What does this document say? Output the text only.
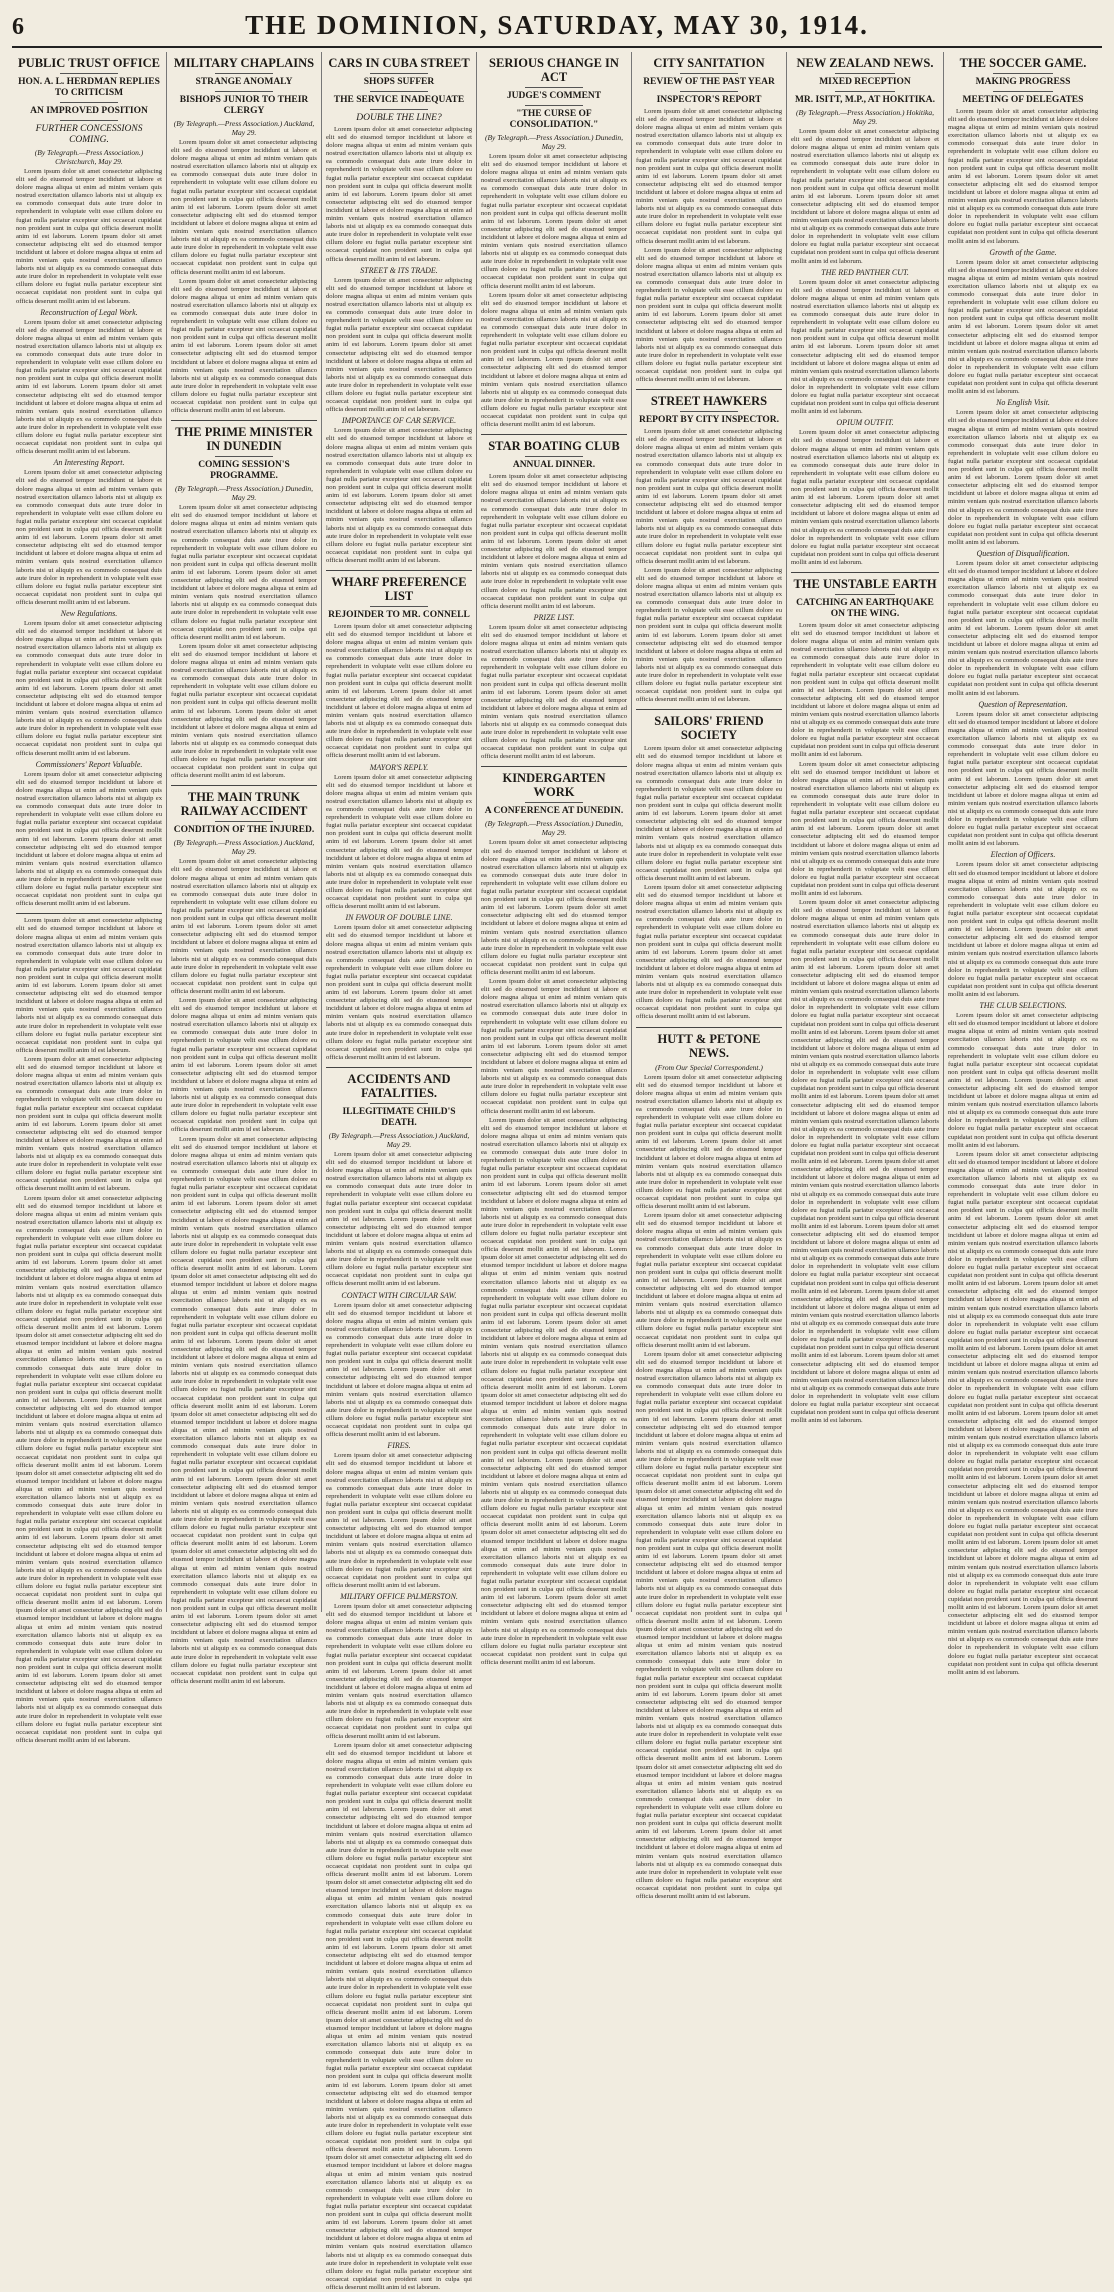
6	THE DOMINION, SATURDAY, MAY 30, 1914.
PUBLIC TRUST OFFICE
HON. A. L. HERDMAN REPLIES TO CRITICISM
AN IMPROVED POSITION
FURTHER CONCESSIONS COMING.
(By Telegraph.—Press Association.) Christchurch, May 29.

Lorem ipsum dolor sit amet consectetur adipiscing elit sed do eiusmod tempor incididunt ut labore et dolore magna aliqua ut enim ad minim veniam quis nostrud exercitation ullamco laboris nisi ut aliquip ex ea commodo consequat duis aute irure dolor in reprehenderit in voluptate velit esse cillum dolore eu fugiat nulla pariatur excepteur sint occaecat cupidatat non proident sunt in culpa qui officia deserunt mollit anim id est laborum. Lorem ipsum dolor sit amet consectetur adipiscing elit sed do eiusmod tempor incididunt ut labore et dolore magna aliqua ut enim ad minim veniam quis nostrud exercitation ullamco laboris nisi ut aliquip ex ea commodo consequat duis aute irure dolor in reprehenderit in voluptate velit esse cillum dolore eu fugiat nulla pariatur excepteur sint occaecat cupidatat non proident sunt in culpa qui officia deserunt mollit anim id est laborum.

Reconstruction of Legal Work.

Lorem ipsum dolor sit amet consectetur adipiscing elit sed do eiusmod tempor incididunt ut labore et dolore magna aliqua ut enim ad minim veniam quis nostrud exercitation ullamco laboris nisi ut aliquip ex ea commodo consequat duis aute irure dolor in reprehenderit in voluptate velit esse cillum dolore eu fugiat nulla pariatur excepteur sint occaecat cupidatat non proident sunt in culpa qui officia deserunt mollit anim id est laborum. Lorem ipsum dolor sit amet consectetur adipiscing elit sed do eiusmod tempor incididunt ut labore et dolore magna aliqua ut enim ad minim veniam quis nostrud exercitation ullamco laboris nisi ut aliquip ex ea commodo consequat duis aute irure dolor in reprehenderit in voluptate velit esse cillum dolore eu fugiat nulla pariatur excepteur sint occaecat cupidatat non proident sunt in culpa qui officia deserunt mollit anim id est laborum.

An Interesting Report.

Lorem ipsum dolor sit amet consectetur adipiscing elit sed do eiusmod tempor incididunt ut labore et dolore magna aliqua ut enim ad minim veniam quis nostrud exercitation ullamco laboris nisi ut aliquip ex ea commodo consequat duis aute irure dolor in reprehenderit in voluptate velit esse cillum dolore eu fugiat nulla pariatur excepteur sint occaecat cupidatat non proident sunt in culpa qui officia deserunt mollit anim id est laborum. Lorem ipsum dolor sit amet consectetur adipiscing elit sed do eiusmod tempor incididunt ut labore et dolore magna aliqua ut enim ad minim veniam quis nostrud exercitation ullamco laboris nisi ut aliquip ex ea commodo consequat duis aute irure dolor in reprehenderit in voluptate velit esse cillum dolore eu fugiat nulla pariatur excepteur sint occaecat cupidatat non proident sunt in culpa qui officia deserunt mollit anim id est laborum.

New Regulations.

Lorem ipsum dolor sit amet consectetur adipiscing elit sed do eiusmod tempor incididunt ut labore et dolore magna aliqua ut enim ad minim veniam quis nostrud exercitation ullamco laboris nisi ut aliquip ex ea commodo consequat duis aute irure dolor in reprehenderit in voluptate velit esse cillum dolore eu fugiat nulla pariatur excepteur sint occaecat cupidatat non proident sunt in culpa qui officia deserunt mollit anim id est laborum. Lorem ipsum dolor sit amet consectetur adipiscing elit sed do eiusmod tempor incididunt ut labore et dolore magna aliqua ut enim ad minim veniam quis nostrud exercitation ullamco laboris nisi ut aliquip ex ea commodo consequat duis aute irure dolor in reprehenderit in voluptate velit esse cillum dolore eu fugiat nulla pariatur excepteur sint occaecat cupidatat non proident sunt in culpa qui officia deserunt mollit anim id est laborum.

Commissioners' Report Valuable.

Lorem ipsum dolor sit amet consectetur adipiscing elit sed do eiusmod tempor incididunt ut labore et dolore magna aliqua ut enim ad minim veniam quis nostrud exercitation ullamco laboris nisi ut aliquip ex ea commodo consequat duis aute irure dolor in reprehenderit in voluptate velit esse cillum dolore eu fugiat nulla pariatur excepteur sint occaecat cupidatat non proident sunt in culpa qui officia deserunt mollit anim id est laborum. Lorem ipsum dolor sit amet consectetur adipiscing elit sed do eiusmod tempor incididunt ut labore et dolore magna aliqua ut enim ad minim veniam quis nostrud exercitation ullamco laboris nisi ut aliquip ex ea commodo consequat duis aute irure dolor in reprehenderit in voluptate velit esse cillum dolore eu fugiat nulla pariatur excepteur sint occaecat cupidatat non proident sunt in culpa qui officia deserunt mollit anim id est laborum.

Lorem ipsum dolor sit amet consectetur adipiscing elit sed do eiusmod tempor incididunt ut labore et dolore magna aliqua ut enim ad minim veniam quis nostrud exercitation ullamco laboris nisi ut aliquip ex ea commodo consequat duis aute irure dolor in reprehenderit in voluptate velit esse cillum dolore eu fugiat nulla pariatur excepteur sint occaecat cupidatat non proident sunt in culpa qui officia deserunt mollit anim id est laborum. Lorem ipsum dolor sit amet consectetur adipiscing elit sed do eiusmod tempor incididunt ut labore et dolore magna aliqua ut enim ad minim veniam quis nostrud exercitation ullamco laboris nisi ut aliquip ex ea commodo consequat duis aute irure dolor in reprehenderit in voluptate velit esse cillum dolore eu fugiat nulla pariatur excepteur sint occaecat cupidatat non proident sunt in culpa qui officia deserunt mollit anim id est laborum.

Lorem ipsum dolor sit amet consectetur adipiscing elit sed do eiusmod tempor incididunt ut labore et dolore magna aliqua ut enim ad minim veniam quis nostrud exercitation ullamco laboris nisi ut aliquip ex ea commodo consequat duis aute irure dolor in reprehenderit in voluptate velit esse cillum dolore eu fugiat nulla pariatur excepteur sint occaecat cupidatat non proident sunt in culpa qui officia deserunt mollit anim id est laborum. Lorem ipsum dolor sit amet consectetur adipiscing elit sed do eiusmod tempor incididunt ut labore et dolore magna aliqua ut enim ad minim veniam quis nostrud exercitation ullamco laboris nisi ut aliquip ex ea commodo consequat duis aute irure dolor in reprehenderit in voluptate velit esse cillum dolore eu fugiat nulla pariatur excepteur sint occaecat cupidatat non proident sunt in culpa qui officia deserunt mollit anim id est laborum.

Lorem ipsum dolor sit amet consectetur adipiscing elit sed do eiusmod tempor incididunt ut labore et dolore magna aliqua ut enim ad minim veniam quis nostrud exercitation ullamco laboris nisi ut aliquip ex ea commodo consequat duis aute irure dolor in reprehenderit in voluptate velit esse cillum dolore eu fugiat nulla pariatur excepteur sint occaecat cupidatat non proident sunt in culpa qui officia deserunt mollit anim id est laborum. Lorem ipsum dolor sit amet consectetur adipiscing elit sed do eiusmod tempor incididunt ut labore et dolore magna aliqua ut enim ad minim veniam quis nostrud exercitation ullamco laboris nisi ut aliquip ex ea commodo consequat duis aute irure dolor in reprehenderit in voluptate velit esse cillum dolore eu fugiat nulla pariatur excepteur sint occaecat cupidatat non proident sunt in culpa qui officia deserunt mollit anim id est laborum. Lorem ipsum dolor sit amet consectetur adipiscing elit sed do eiusmod tempor incididunt ut labore et dolore magna aliqua ut enim ad minim veniam quis nostrud exercitation ullamco laboris nisi ut aliquip ex ea commodo consequat duis aute irure dolor in reprehenderit in voluptate velit esse cillum dolore eu fugiat nulla pariatur excepteur sint occaecat cupidatat non proident sunt in culpa qui officia deserunt mollit anim id est laborum. Lorem ipsum dolor sit amet consectetur adipiscing elit sed do eiusmod tempor incididunt ut labore et dolore magna aliqua ut enim ad minim veniam quis nostrud exercitation ullamco laboris nisi ut aliquip ex ea commodo consequat duis aute irure dolor in reprehenderit in voluptate velit esse cillum dolore eu fugiat nulla pariatur excepteur sint occaecat cupidatat non proident sunt in culpa qui officia deserunt mollit anim id est laborum. Lorem ipsum dolor sit amet consectetur adipiscing elit sed do eiusmod tempor incididunt ut labore et dolore magna aliqua ut enim ad minim veniam quis nostrud exercitation ullamco laboris nisi ut aliquip ex ea commodo consequat duis aute irure dolor in reprehenderit in voluptate velit esse cillum dolore eu fugiat nulla pariatur excepteur sint occaecat cupidatat non proident sunt in culpa qui officia deserunt mollit anim id est laborum. Lorem ipsum dolor sit amet consectetur adipiscing elit sed do eiusmod tempor incididunt ut labore et dolore magna aliqua ut enim ad minim veniam quis nostrud exercitation ullamco laboris nisi ut aliquip ex ea commodo consequat duis aute irure dolor in reprehenderit in voluptate velit esse cillum dolore eu fugiat nulla pariatur excepteur sint occaecat cupidatat non proident sunt in culpa qui officia deserunt mollit anim id est laborum. Lorem ipsum dolor sit amet consectetur adipiscing elit sed do eiusmod tempor incididunt ut labore et dolore magna aliqua ut enim ad minim veniam quis nostrud exercitation ullamco laboris nisi ut aliquip ex ea commodo consequat duis aute irure dolor in reprehenderit in voluptate velit esse cillum dolore eu fugiat nulla pariatur excepteur sint occaecat cupidatat non proident sunt in culpa qui officia deserunt mollit anim id est laborum. Lorem ipsum dolor sit amet consectetur adipiscing elit sed do eiusmod tempor incididunt ut labore et dolore magna aliqua ut enim ad minim veniam quis nostrud exercitation ullamco laboris nisi ut aliquip ex ea commodo consequat duis aute irure dolor in reprehenderit in voluptate velit esse cillum dolore eu fugiat nulla pariatur excepteur sint occaecat cupidatat non proident sunt in culpa qui officia deserunt mollit anim id est laborum.

MILITARY CHAPLAINS
STRANGE ANOMALY
BISHOPS JUNIOR TO THEIR CLERGY
(By Telegraph.—Press Association.) Auckland, May 29.

Lorem ipsum dolor sit amet consectetur adipiscing elit sed do eiusmod tempor incididunt ut labore et dolore magna aliqua ut enim ad minim veniam quis nostrud exercitation ullamco laboris nisi ut aliquip ex ea commodo consequat duis aute irure dolor in reprehenderit in voluptate velit esse cillum dolore eu fugiat nulla pariatur excepteur sint occaecat cupidatat non proident sunt in culpa qui officia deserunt mollit anim id est laborum. Lorem ipsum dolor sit amet consectetur adipiscing elit sed do eiusmod tempor incididunt ut labore et dolore magna aliqua ut enim ad minim veniam quis nostrud exercitation ullamco laboris nisi ut aliquip ex ea commodo consequat duis aute irure dolor in reprehenderit in voluptate velit esse cillum dolore eu fugiat nulla pariatur excepteur sint occaecat cupidatat non proident sunt in culpa qui officia deserunt mollit anim id est laborum.

Lorem ipsum dolor sit amet consectetur adipiscing elit sed do eiusmod tempor incididunt ut labore et dolore magna aliqua ut enim ad minim veniam quis nostrud exercitation ullamco laboris nisi ut aliquip ex ea commodo consequat duis aute irure dolor in reprehenderit in voluptate velit esse cillum dolore eu fugiat nulla pariatur excepteur sint occaecat cupidatat non proident sunt in culpa qui officia deserunt mollit anim id est laborum. Lorem ipsum dolor sit amet consectetur adipiscing elit sed do eiusmod tempor incididunt ut labore et dolore magna aliqua ut enim ad minim veniam quis nostrud exercitation ullamco laboris nisi ut aliquip ex ea commodo consequat duis aute irure dolor in reprehenderit in voluptate velit esse cillum dolore eu fugiat nulla pariatur excepteur sint occaecat cupidatat non proident sunt in culpa qui officia deserunt mollit anim id est laborum.

THE PRIME MINISTER IN DUNEDIN
COMING SESSION'S PROGRAMME.
(By Telegraph.—Press Association.) Dunedin, May 29.

Lorem ipsum dolor sit amet consectetur adipiscing elit sed do eiusmod tempor incididunt ut labore et dolore magna aliqua ut enim ad minim veniam quis nostrud exercitation ullamco laboris nisi ut aliquip ex ea commodo consequat duis aute irure dolor in reprehenderit in voluptate velit esse cillum dolore eu fugiat nulla pariatur excepteur sint occaecat cupidatat non proident sunt in culpa qui officia deserunt mollit anim id est laborum. Lorem ipsum dolor sit amet consectetur adipiscing elit sed do eiusmod tempor incididunt ut labore et dolore magna aliqua ut enim ad minim veniam quis nostrud exercitation ullamco laboris nisi ut aliquip ex ea commodo consequat duis aute irure dolor in reprehenderit in voluptate velit esse cillum dolore eu fugiat nulla pariatur excepteur sint occaecat cupidatat non proident sunt in culpa qui officia deserunt mollit anim id est laborum.

Lorem ipsum dolor sit amet consectetur adipiscing elit sed do eiusmod tempor incididunt ut labore et dolore magna aliqua ut enim ad minim veniam quis nostrud exercitation ullamco laboris nisi ut aliquip ex ea commodo consequat duis aute irure dolor in reprehenderit in voluptate velit esse cillum dolore eu fugiat nulla pariatur excepteur sint occaecat cupidatat non proident sunt in culpa qui officia deserunt mollit anim id est laborum. Lorem ipsum dolor sit amet consectetur adipiscing elit sed do eiusmod tempor incididunt ut labore et dolore magna aliqua ut enim ad minim veniam quis nostrud exercitation ullamco laboris nisi ut aliquip ex ea commodo consequat duis aute irure dolor in reprehenderit in voluptate velit esse cillum dolore eu fugiat nulla pariatur excepteur sint occaecat cupidatat non proident sunt in culpa qui officia deserunt mollit anim id est laborum.

THE MAIN TRUNK RAILWAY ACCIDENT
CONDITION OF THE INJURED.
(By Telegraph.—Press Association.) Auckland, May 29.

Lorem ipsum dolor sit amet consectetur adipiscing elit sed do eiusmod tempor incididunt ut labore et dolore magna aliqua ut enim ad minim veniam quis nostrud exercitation ullamco laboris nisi ut aliquip ex ea commodo consequat duis aute irure dolor in reprehenderit in voluptate velit esse cillum dolore eu fugiat nulla pariatur excepteur sint occaecat cupidatat non proident sunt in culpa qui officia deserunt mollit anim id est laborum. Lorem ipsum dolor sit amet consectetur adipiscing elit sed do eiusmod tempor incididunt ut labore et dolore magna aliqua ut enim ad minim veniam quis nostrud exercitation ullamco laboris nisi ut aliquip ex ea commodo consequat duis aute irure dolor in reprehenderit in voluptate velit esse cillum dolore eu fugiat nulla pariatur excepteur sint occaecat cupidatat non proident sunt in culpa qui officia deserunt mollit anim id est laborum.

Lorem ipsum dolor sit amet consectetur adipiscing elit sed do eiusmod tempor incididunt ut labore et dolore magna aliqua ut enim ad minim veniam quis nostrud exercitation ullamco laboris nisi ut aliquip ex ea commodo consequat duis aute irure dolor in reprehenderit in voluptate velit esse cillum dolore eu fugiat nulla pariatur excepteur sint occaecat cupidatat non proident sunt in culpa qui officia deserunt mollit anim id est laborum. Lorem ipsum dolor sit amet consectetur adipiscing elit sed do eiusmod tempor incididunt ut labore et dolore magna aliqua ut enim ad minim veniam quis nostrud exercitation ullamco laboris nisi ut aliquip ex ea commodo consequat duis aute irure dolor in reprehenderit in voluptate velit esse cillum dolore eu fugiat nulla pariatur excepteur sint occaecat cupidatat non proident sunt in culpa qui officia deserunt mollit anim id est laborum.

Lorem ipsum dolor sit amet consectetur adipiscing elit sed do eiusmod tempor incididunt ut labore et dolore magna aliqua ut enim ad minim veniam quis nostrud exercitation ullamco laboris nisi ut aliquip ex ea commodo consequat duis aute irure dolor in reprehenderit in voluptate velit esse cillum dolore eu fugiat nulla pariatur excepteur sint occaecat cupidatat non proident sunt in culpa qui officia deserunt mollit anim id est laborum. Lorem ipsum dolor sit amet consectetur adipiscing elit sed do eiusmod tempor incididunt ut labore et dolore magna aliqua ut enim ad minim veniam quis nostrud exercitation ullamco laboris nisi ut aliquip ex ea commodo consequat duis aute irure dolor in reprehenderit in voluptate velit esse cillum dolore eu fugiat nulla pariatur excepteur sint occaecat cupidatat non proident sunt in culpa qui officia deserunt mollit anim id est laborum. Lorem ipsum dolor sit amet consectetur adipiscing elit sed do eiusmod tempor incididunt ut labore et dolore magna aliqua ut enim ad minim veniam quis nostrud exercitation ullamco laboris nisi ut aliquip ex ea commodo consequat duis aute irure dolor in reprehenderit in voluptate velit esse cillum dolore eu fugiat nulla pariatur excepteur sint occaecat cupidatat non proident sunt in culpa qui officia deserunt mollit anim id est laborum. Lorem ipsum dolor sit amet consectetur adipiscing elit sed do eiusmod tempor incididunt ut labore et dolore magna aliqua ut enim ad minim veniam quis nostrud exercitation ullamco laboris nisi ut aliquip ex ea commodo consequat duis aute irure dolor in reprehenderit in voluptate velit esse cillum dolore eu fugiat nulla pariatur excepteur sint occaecat cupidatat non proident sunt in culpa qui officia deserunt mollit anim id est laborum. Lorem ipsum dolor sit amet consectetur adipiscing elit sed do eiusmod tempor incididunt ut labore et dolore magna aliqua ut enim ad minim veniam quis nostrud exercitation ullamco laboris nisi ut aliquip ex ea commodo consequat duis aute irure dolor in reprehenderit in voluptate velit esse cillum dolore eu fugiat nulla pariatur excepteur sint occaecat cupidatat non proident sunt in culpa qui officia deserunt mollit anim id est laborum. Lorem ipsum dolor sit amet consectetur adipiscing elit sed do eiusmod tempor incididunt ut labore et dolore magna aliqua ut enim ad minim veniam quis nostrud exercitation ullamco laboris nisi ut aliquip ex ea commodo consequat duis aute irure dolor in reprehenderit in voluptate velit esse cillum dolore eu fugiat nulla pariatur excepteur sint occaecat cupidatat non proident sunt in culpa qui officia deserunt mollit anim id est laborum. Lorem ipsum dolor sit amet consectetur adipiscing elit sed do eiusmod tempor incididunt ut labore et dolore magna aliqua ut enim ad minim veniam quis nostrud exercitation ullamco laboris nisi ut aliquip ex ea commodo consequat duis aute irure dolor in reprehenderit in voluptate velit esse cillum dolore eu fugiat nulla pariatur excepteur sint occaecat cupidatat non proident sunt in culpa qui officia deserunt mollit anim id est laborum. Lorem ipsum dolor sit amet consectetur adipiscing elit sed do eiusmod tempor incididunt ut labore et dolore magna aliqua ut enim ad minim veniam quis nostrud exercitation ullamco laboris nisi ut aliquip ex ea commodo consequat duis aute irure dolor in reprehenderit in voluptate velit esse cillum dolore eu fugiat nulla pariatur excepteur sint occaecat cupidatat non proident sunt in culpa qui officia deserunt mollit anim id est laborum.

CARS IN CUBA STREET
SHOPS SUFFER
THE SERVICE INADEQUATE
DOUBLE THE LINE?

Lorem ipsum dolor sit amet consectetur adipiscing elit sed do eiusmod tempor incididunt ut labore et dolore magna aliqua ut enim ad minim veniam quis nostrud exercitation ullamco laboris nisi ut aliquip ex ea commodo consequat duis aute irure dolor in reprehenderit in voluptate velit esse cillum dolore eu fugiat nulla pariatur excepteur sint occaecat cupidatat non proident sunt in culpa qui officia deserunt mollit anim id est laborum. Lorem ipsum dolor sit amet consectetur adipiscing elit sed do eiusmod tempor incididunt ut labore et dolore magna aliqua ut enim ad minim veniam quis nostrud exercitation ullamco laboris nisi ut aliquip ex ea commodo consequat duis aute irure dolor in reprehenderit in voluptate velit esse cillum dolore eu fugiat nulla pariatur excepteur sint occaecat cupidatat non proident sunt in culpa qui officia deserunt mollit anim id est laborum.

STREET & ITS TRADE.

Lorem ipsum dolor sit amet consectetur adipiscing elit sed do eiusmod tempor incididunt ut labore et dolore magna aliqua ut enim ad minim veniam quis nostrud exercitation ullamco laboris nisi ut aliquip ex ea commodo consequat duis aute irure dolor in reprehenderit in voluptate velit esse cillum dolore eu fugiat nulla pariatur excepteur sint occaecat cupidatat non proident sunt in culpa qui officia deserunt mollit anim id est laborum. Lorem ipsum dolor sit amet consectetur adipiscing elit sed do eiusmod tempor incididunt ut labore et dolore magna aliqua ut enim ad minim veniam quis nostrud exercitation ullamco laboris nisi ut aliquip ex ea commodo consequat duis aute irure dolor in reprehenderit in voluptate velit esse cillum dolore eu fugiat nulla pariatur excepteur sint occaecat cupidatat non proident sunt in culpa qui officia deserunt mollit anim id est laborum.

IMPORTANCE OF CAR SERVICE.

Lorem ipsum dolor sit amet consectetur adipiscing elit sed do eiusmod tempor incididunt ut labore et dolore magna aliqua ut enim ad minim veniam quis nostrud exercitation ullamco laboris nisi ut aliquip ex ea commodo consequat duis aute irure dolor in reprehenderit in voluptate velit esse cillum dolore eu fugiat nulla pariatur excepteur sint occaecat cupidatat non proident sunt in culpa qui officia deserunt mollit anim id est laborum. Lorem ipsum dolor sit amet consectetur adipiscing elit sed do eiusmod tempor incididunt ut labore et dolore magna aliqua ut enim ad minim veniam quis nostrud exercitation ullamco laboris nisi ut aliquip ex ea commodo consequat duis aute irure dolor in reprehenderit in voluptate velit esse cillum dolore eu fugiat nulla pariatur excepteur sint occaecat cupidatat non proident sunt in culpa qui officia deserunt mollit anim id est laborum.

WHARF PREFERENCE LIST
REJOINDER TO MR. CONNELL

Lorem ipsum dolor sit amet consectetur adipiscing elit sed do eiusmod tempor incididunt ut labore et dolore magna aliqua ut enim ad minim veniam quis nostrud exercitation ullamco laboris nisi ut aliquip ex ea commodo consequat duis aute irure dolor in reprehenderit in voluptate velit esse cillum dolore eu fugiat nulla pariatur excepteur sint occaecat cupidatat non proident sunt in culpa qui officia deserunt mollit anim id est laborum. Lorem ipsum dolor sit amet consectetur adipiscing elit sed do eiusmod tempor incididunt ut labore et dolore magna aliqua ut enim ad minim veniam quis nostrud exercitation ullamco laboris nisi ut aliquip ex ea commodo consequat duis aute irure dolor in reprehenderit in voluptate velit esse cillum dolore eu fugiat nulla pariatur excepteur sint occaecat cupidatat non proident sunt in culpa qui officia deserunt mollit anim id est laborum.

MAYOR'S REPLY.

Lorem ipsum dolor sit amet consectetur adipiscing elit sed do eiusmod tempor incididunt ut labore et dolore magna aliqua ut enim ad minim veniam quis nostrud exercitation ullamco laboris nisi ut aliquip ex ea commodo consequat duis aute irure dolor in reprehenderit in voluptate velit esse cillum dolore eu fugiat nulla pariatur excepteur sint occaecat cupidatat non proident sunt in culpa qui officia deserunt mollit anim id est laborum. Lorem ipsum dolor sit amet consectetur adipiscing elit sed do eiusmod tempor incididunt ut labore et dolore magna aliqua ut enim ad minim veniam quis nostrud exercitation ullamco laboris nisi ut aliquip ex ea commodo consequat duis aute irure dolor in reprehenderit in voluptate velit esse cillum dolore eu fugiat nulla pariatur excepteur sint occaecat cupidatat non proident sunt in culpa qui officia deserunt mollit anim id est laborum.

IN FAVOUR OF DOUBLE LINE.

Lorem ipsum dolor sit amet consectetur adipiscing elit sed do eiusmod tempor incididunt ut labore et dolore magna aliqua ut enim ad minim veniam quis nostrud exercitation ullamco laboris nisi ut aliquip ex ea commodo consequat duis aute irure dolor in reprehenderit in voluptate velit esse cillum dolore eu fugiat nulla pariatur excepteur sint occaecat cupidatat non proident sunt in culpa qui officia deserunt mollit anim id est laborum. Lorem ipsum dolor sit amet consectetur adipiscing elit sed do eiusmod tempor incididunt ut labore et dolore magna aliqua ut enim ad minim veniam quis nostrud exercitation ullamco laboris nisi ut aliquip ex ea commodo consequat duis aute irure dolor in reprehenderit in voluptate velit esse cillum dolore eu fugiat nulla pariatur excepteur sint occaecat cupidatat non proident sunt in culpa qui officia deserunt mollit anim id est laborum.

ACCIDENTS AND FATALITIES.
ILLEGITIMATE CHILD'S DEATH.
(By Telegraph.—Press Association.) Auckland, May 29.

Lorem ipsum dolor sit amet consectetur adipiscing elit sed do eiusmod tempor incididunt ut labore et dolore magna aliqua ut enim ad minim veniam quis nostrud exercitation ullamco laboris nisi ut aliquip ex ea commodo consequat duis aute irure dolor in reprehenderit in voluptate velit esse cillum dolore eu fugiat nulla pariatur excepteur sint occaecat cupidatat non proident sunt in culpa qui officia deserunt mollit anim id est laborum. Lorem ipsum dolor sit amet consectetur adipiscing elit sed do eiusmod tempor incididunt ut labore et dolore magna aliqua ut enim ad minim veniam quis nostrud exercitation ullamco laboris nisi ut aliquip ex ea commodo consequat duis aute irure dolor in reprehenderit in voluptate velit esse cillum dolore eu fugiat nulla pariatur excepteur sint occaecat cupidatat non proident sunt in culpa qui officia deserunt mollit anim id est laborum.

CONTACT WITH CIRCULAR SAW.

Lorem ipsum dolor sit amet consectetur adipiscing elit sed do eiusmod tempor incididunt ut labore et dolore magna aliqua ut enim ad minim veniam quis nostrud exercitation ullamco laboris nisi ut aliquip ex ea commodo consequat duis aute irure dolor in reprehenderit in voluptate velit esse cillum dolore eu fugiat nulla pariatur excepteur sint occaecat cupidatat non proident sunt in culpa qui officia deserunt mollit anim id est laborum. Lorem ipsum dolor sit amet consectetur adipiscing elit sed do eiusmod tempor incididunt ut labore et dolore magna aliqua ut enim ad minim veniam quis nostrud exercitation ullamco laboris nisi ut aliquip ex ea commodo consequat duis aute irure dolor in reprehenderit in voluptate velit esse cillum dolore eu fugiat nulla pariatur excepteur sint occaecat cupidatat non proident sunt in culpa qui officia deserunt mollit anim id est laborum.

FIRES.

Lorem ipsum dolor sit amet consectetur adipiscing elit sed do eiusmod tempor incididunt ut labore et dolore magna aliqua ut enim ad minim veniam quis nostrud exercitation ullamco laboris nisi ut aliquip ex ea commodo consequat duis aute irure dolor in reprehenderit in voluptate velit esse cillum dolore eu fugiat nulla pariatur excepteur sint occaecat cupidatat non proident sunt in culpa qui officia deserunt mollit anim id est laborum. Lorem ipsum dolor sit amet consectetur adipiscing elit sed do eiusmod tempor incididunt ut labore et dolore magna aliqua ut enim ad minim veniam quis nostrud exercitation ullamco laboris nisi ut aliquip ex ea commodo consequat duis aute irure dolor in reprehenderit in voluptate velit esse cillum dolore eu fugiat nulla pariatur excepteur sint occaecat cupidatat non proident sunt in culpa qui officia deserunt mollit anim id est laborum.

MILITARY OFFICE PALMERSTON.

Lorem ipsum dolor sit amet consectetur adipiscing elit sed do eiusmod tempor incididunt ut labore et dolore magna aliqua ut enim ad minim veniam quis nostrud exercitation ullamco laboris nisi ut aliquip ex ea commodo consequat duis aute irure dolor in reprehenderit in voluptate velit esse cillum dolore eu fugiat nulla pariatur excepteur sint occaecat cupidatat non proident sunt in culpa qui officia deserunt mollit anim id est laborum. Lorem ipsum dolor sit amet consectetur adipiscing elit sed do eiusmod tempor incididunt ut labore et dolore magna aliqua ut enim ad minim veniam quis nostrud exercitation ullamco laboris nisi ut aliquip ex ea commodo consequat duis aute irure dolor in reprehenderit in voluptate velit esse cillum dolore eu fugiat nulla pariatur excepteur sint occaecat cupidatat non proident sunt in culpa qui officia deserunt mollit anim id est laborum.

Lorem ipsum dolor sit amet consectetur adipiscing elit sed do eiusmod tempor incididunt ut labore et dolore magna aliqua ut enim ad minim veniam quis nostrud exercitation ullamco laboris nisi ut aliquip ex ea commodo consequat duis aute irure dolor in reprehenderit in voluptate velit esse cillum dolore eu fugiat nulla pariatur excepteur sint occaecat cupidatat non proident sunt in culpa qui officia deserunt mollit anim id est laborum. Lorem ipsum dolor sit amet consectetur adipiscing elit sed do eiusmod tempor incididunt ut labore et dolore magna aliqua ut enim ad minim veniam quis nostrud exercitation ullamco laboris nisi ut aliquip ex ea commodo consequat duis aute irure dolor in reprehenderit in voluptate velit esse cillum dolore eu fugiat nulla pariatur excepteur sint occaecat cupidatat non proident sunt in culpa qui officia deserunt mollit anim id est laborum. Lorem ipsum dolor sit amet consectetur adipiscing elit sed do eiusmod tempor incididunt ut labore et dolore magna aliqua ut enim ad minim veniam quis nostrud exercitation ullamco laboris nisi ut aliquip ex ea commodo consequat duis aute irure dolor in reprehenderit in voluptate velit esse cillum dolore eu fugiat nulla pariatur excepteur sint occaecat cupidatat non proident sunt in culpa qui officia deserunt mollit anim id est laborum. Lorem ipsum dolor sit amet consectetur adipiscing elit sed do eiusmod tempor incididunt ut labore et dolore magna aliqua ut enim ad minim veniam quis nostrud exercitation ullamco laboris nisi ut aliquip ex ea commodo consequat duis aute irure dolor in reprehenderit in voluptate velit esse cillum dolore eu fugiat nulla pariatur excepteur sint occaecat cupidatat non proident sunt in culpa qui officia deserunt mollit anim id est laborum. Lorem ipsum dolor sit amet consectetur adipiscing elit sed do eiusmod tempor incididunt ut labore et dolore magna aliqua ut enim ad minim veniam quis nostrud exercitation ullamco laboris nisi ut aliquip ex ea commodo consequat duis aute irure dolor in reprehenderit in voluptate velit esse cillum dolore eu fugiat nulla pariatur excepteur sint occaecat cupidatat non proident sunt in culpa qui officia deserunt mollit anim id est laborum. Lorem ipsum dolor sit amet consectetur adipiscing elit sed do eiusmod tempor incididunt ut labore et dolore magna aliqua ut enim ad minim veniam quis nostrud exercitation ullamco laboris nisi ut aliquip ex ea commodo consequat duis aute irure dolor in reprehenderit in voluptate velit esse cillum dolore eu fugiat nulla pariatur excepteur sint occaecat cupidatat non proident sunt in culpa qui officia deserunt mollit anim id est laborum. Lorem ipsum dolor sit amet consectetur adipiscing elit sed do eiusmod tempor incididunt ut labore et dolore magna aliqua ut enim ad minim veniam quis nostrud exercitation ullamco laboris nisi ut aliquip ex ea commodo consequat duis aute irure dolor in reprehenderit in voluptate velit esse cillum dolore eu fugiat nulla pariatur excepteur sint occaecat cupidatat non proident sunt in culpa qui officia deserunt mollit anim id est laborum. Lorem ipsum dolor sit amet consectetur adipiscing elit sed do eiusmod tempor incididunt ut labore et dolore magna aliqua ut enim ad minim veniam quis nostrud exercitation ullamco laboris nisi ut aliquip ex ea commodo consequat duis aute irure dolor in reprehenderit in voluptate velit esse cillum dolore eu fugiat nulla pariatur excepteur sint occaecat cupidatat non proident sunt in culpa qui officia deserunt mollit anim id est laborum.

SERIOUS CHANGE IN ACT
JUDGE'S COMMENT
"THE CURSE OF CONSOLIDATION."
(By Telegraph.—Press Association.) Dunedin, May 29.

Lorem ipsum dolor sit amet consectetur adipiscing elit sed do eiusmod tempor incididunt ut labore et dolore magna aliqua ut enim ad minim veniam quis nostrud exercitation ullamco laboris nisi ut aliquip ex ea commodo consequat duis aute irure dolor in reprehenderit in voluptate velit esse cillum dolore eu fugiat nulla pariatur excepteur sint occaecat cupidatat non proident sunt in culpa qui officia deserunt mollit anim id est laborum. Lorem ipsum dolor sit amet consectetur adipiscing elit sed do eiusmod tempor incididunt ut labore et dolore magna aliqua ut enim ad minim veniam quis nostrud exercitation ullamco laboris nisi ut aliquip ex ea commodo consequat duis aute irure dolor in reprehenderit in voluptate velit esse cillum dolore eu fugiat nulla pariatur excepteur sint occaecat cupidatat non proident sunt in culpa qui officia deserunt mollit anim id est laborum.

Lorem ipsum dolor sit amet consectetur adipiscing elit sed do eiusmod tempor incididunt ut labore et dolore magna aliqua ut enim ad minim veniam quis nostrud exercitation ullamco laboris nisi ut aliquip ex ea commodo consequat duis aute irure dolor in reprehenderit in voluptate velit esse cillum dolore eu fugiat nulla pariatur excepteur sint occaecat cupidatat non proident sunt in culpa qui officia deserunt mollit anim id est laborum. Lorem ipsum dolor sit amet consectetur adipiscing elit sed do eiusmod tempor incididunt ut labore et dolore magna aliqua ut enim ad minim veniam quis nostrud exercitation ullamco laboris nisi ut aliquip ex ea commodo consequat duis aute irure dolor in reprehenderit in voluptate velit esse cillum dolore eu fugiat nulla pariatur excepteur sint occaecat cupidatat non proident sunt in culpa qui officia deserunt mollit anim id est laborum.

STAR BOATING CLUB
ANNUAL DINNER.

Lorem ipsum dolor sit amet consectetur adipiscing elit sed do eiusmod tempor incididunt ut labore et dolore magna aliqua ut enim ad minim veniam quis nostrud exercitation ullamco laboris nisi ut aliquip ex ea commodo consequat duis aute irure dolor in reprehenderit in voluptate velit esse cillum dolore eu fugiat nulla pariatur excepteur sint occaecat cupidatat non proident sunt in culpa qui officia deserunt mollit anim id est laborum. Lorem ipsum dolor sit amet consectetur adipiscing elit sed do eiusmod tempor incididunt ut labore et dolore magna aliqua ut enim ad minim veniam quis nostrud exercitation ullamco laboris nisi ut aliquip ex ea commodo consequat duis aute irure dolor in reprehenderit in voluptate velit esse cillum dolore eu fugiat nulla pariatur excepteur sint occaecat cupidatat non proident sunt in culpa qui officia deserunt mollit anim id est laborum.

PRIZE LIST.

Lorem ipsum dolor sit amet consectetur adipiscing elit sed do eiusmod tempor incididunt ut labore et dolore magna aliqua ut enim ad minim veniam quis nostrud exercitation ullamco laboris nisi ut aliquip ex ea commodo consequat duis aute irure dolor in reprehenderit in voluptate velit esse cillum dolore eu fugiat nulla pariatur excepteur sint occaecat cupidatat non proident sunt in culpa qui officia deserunt mollit anim id est laborum. Lorem ipsum dolor sit amet consectetur adipiscing elit sed do eiusmod tempor incididunt ut labore et dolore magna aliqua ut enim ad minim veniam quis nostrud exercitation ullamco laboris nisi ut aliquip ex ea commodo consequat duis aute irure dolor in reprehenderit in voluptate velit esse cillum dolore eu fugiat nulla pariatur excepteur sint occaecat cupidatat non proident sunt in culpa qui officia deserunt mollit anim id est laborum.

KINDERGARTEN WORK
A CONFERENCE AT DUNEDIN.
(By Telegraph.—Press Association.) Dunedin, May 29.

Lorem ipsum dolor sit amet consectetur adipiscing elit sed do eiusmod tempor incididunt ut labore et dolore magna aliqua ut enim ad minim veniam quis nostrud exercitation ullamco laboris nisi ut aliquip ex ea commodo consequat duis aute irure dolor in reprehenderit in voluptate velit esse cillum dolore eu fugiat nulla pariatur excepteur sint occaecat cupidatat non proident sunt in culpa qui officia deserunt mollit anim id est laborum. Lorem ipsum dolor sit amet consectetur adipiscing elit sed do eiusmod tempor incididunt ut labore et dolore magna aliqua ut enim ad minim veniam quis nostrud exercitation ullamco laboris nisi ut aliquip ex ea commodo consequat duis aute irure dolor in reprehenderit in voluptate velit esse cillum dolore eu fugiat nulla pariatur excepteur sint occaecat cupidatat non proident sunt in culpa qui officia deserunt mollit anim id est laborum.

Lorem ipsum dolor sit amet consectetur adipiscing elit sed do eiusmod tempor incididunt ut labore et dolore magna aliqua ut enim ad minim veniam quis nostrud exercitation ullamco laboris nisi ut aliquip ex ea commodo consequat duis aute irure dolor in reprehenderit in voluptate velit esse cillum dolore eu fugiat nulla pariatur excepteur sint occaecat cupidatat non proident sunt in culpa qui officia deserunt mollit anim id est laborum. Lorem ipsum dolor sit amet consectetur adipiscing elit sed do eiusmod tempor incididunt ut labore et dolore magna aliqua ut enim ad minim veniam quis nostrud exercitation ullamco laboris nisi ut aliquip ex ea commodo consequat duis aute irure dolor in reprehenderit in voluptate velit esse cillum dolore eu fugiat nulla pariatur excepteur sint occaecat cupidatat non proident sunt in culpa qui officia deserunt mollit anim id est laborum.

Lorem ipsum dolor sit amet consectetur adipiscing elit sed do eiusmod tempor incididunt ut labore et dolore magna aliqua ut enim ad minim veniam quis nostrud exercitation ullamco laboris nisi ut aliquip ex ea commodo consequat duis aute irure dolor in reprehenderit in voluptate velit esse cillum dolore eu fugiat nulla pariatur excepteur sint occaecat cupidatat non proident sunt in culpa qui officia deserunt mollit anim id est laborum. Lorem ipsum dolor sit amet consectetur adipiscing elit sed do eiusmod tempor incididunt ut labore et dolore magna aliqua ut enim ad minim veniam quis nostrud exercitation ullamco laboris nisi ut aliquip ex ea commodo consequat duis aute irure dolor in reprehenderit in voluptate velit esse cillum dolore eu fugiat nulla pariatur excepteur sint occaecat cupidatat non proident sunt in culpa qui officia deserunt mollit anim id est laborum. Lorem ipsum dolor sit amet consectetur adipiscing elit sed do eiusmod tempor incididunt ut labore et dolore magna aliqua ut enim ad minim veniam quis nostrud exercitation ullamco laboris nisi ut aliquip ex ea commodo consequat duis aute irure dolor in reprehenderit in voluptate velit esse cillum dolore eu fugiat nulla pariatur excepteur sint occaecat cupidatat non proident sunt in culpa qui officia deserunt mollit anim id est laborum. Lorem ipsum dolor sit amet consectetur adipiscing elit sed do eiusmod tempor incididunt ut labore et dolore magna aliqua ut enim ad minim veniam quis nostrud exercitation ullamco laboris nisi ut aliquip ex ea commodo consequat duis aute irure dolor in reprehenderit in voluptate velit esse cillum dolore eu fugiat nulla pariatur excepteur sint occaecat cupidatat non proident sunt in culpa qui officia deserunt mollit anim id est laborum. Lorem ipsum dolor sit amet consectetur adipiscing elit sed do eiusmod tempor incididunt ut labore et dolore magna aliqua ut enim ad minim veniam quis nostrud exercitation ullamco laboris nisi ut aliquip ex ea commodo consequat duis aute irure dolor in reprehenderit in voluptate velit esse cillum dolore eu fugiat nulla pariatur excepteur sint occaecat cupidatat non proident sunt in culpa qui officia deserunt mollit anim id est laborum. Lorem ipsum dolor sit amet consectetur adipiscing elit sed do eiusmod tempor incididunt ut labore et dolore magna aliqua ut enim ad minim veniam quis nostrud exercitation ullamco laboris nisi ut aliquip ex ea commodo consequat duis aute irure dolor in reprehenderit in voluptate velit esse cillum dolore eu fugiat nulla pariatur excepteur sint occaecat cupidatat non proident sunt in culpa qui officia deserunt mollit anim id est laborum. Lorem ipsum dolor sit amet consectetur adipiscing elit sed do eiusmod tempor incididunt ut labore et dolore magna aliqua ut enim ad minim veniam quis nostrud exercitation ullamco laboris nisi ut aliquip ex ea commodo consequat duis aute irure dolor in reprehenderit in voluptate velit esse cillum dolore eu fugiat nulla pariatur excepteur sint occaecat cupidatat non proident sunt in culpa qui officia deserunt mollit anim id est laborum. Lorem ipsum dolor sit amet consectetur adipiscing elit sed do eiusmod tempor incididunt ut labore et dolore magna aliqua ut enim ad minim veniam quis nostrud exercitation ullamco laboris nisi ut aliquip ex ea commodo consequat duis aute irure dolor in reprehenderit in voluptate velit esse cillum dolore eu fugiat nulla pariatur excepteur sint occaecat cupidatat non proident sunt in culpa qui officia deserunt mollit anim id est laborum.

CITY SANITATION
REVIEW OF THE PAST YEAR
INSPECTOR'S REPORT

Lorem ipsum dolor sit amet consectetur adipiscing elit sed do eiusmod tempor incididunt ut labore et dolore magna aliqua ut enim ad minim veniam quis nostrud exercitation ullamco laboris nisi ut aliquip ex ea commodo consequat duis aute irure dolor in reprehenderit in voluptate velit esse cillum dolore eu fugiat nulla pariatur excepteur sint occaecat cupidatat non proident sunt in culpa qui officia deserunt mollit anim id est laborum. Lorem ipsum dolor sit amet consectetur adipiscing elit sed do eiusmod tempor incididunt ut labore et dolore magna aliqua ut enim ad minim veniam quis nostrud exercitation ullamco laboris nisi ut aliquip ex ea commodo consequat duis aute irure dolor in reprehenderit in voluptate velit esse cillum dolore eu fugiat nulla pariatur excepteur sint occaecat cupidatat non proident sunt in culpa qui officia deserunt mollit anim id est laborum.

Lorem ipsum dolor sit amet consectetur adipiscing elit sed do eiusmod tempor incididunt ut labore et dolore magna aliqua ut enim ad minim veniam quis nostrud exercitation ullamco laboris nisi ut aliquip ex ea commodo consequat duis aute irure dolor in reprehenderit in voluptate velit esse cillum dolore eu fugiat nulla pariatur excepteur sint occaecat cupidatat non proident sunt in culpa qui officia deserunt mollit anim id est laborum. Lorem ipsum dolor sit amet consectetur adipiscing elit sed do eiusmod tempor incididunt ut labore et dolore magna aliqua ut enim ad minim veniam quis nostrud exercitation ullamco laboris nisi ut aliquip ex ea commodo consequat duis aute irure dolor in reprehenderit in voluptate velit esse cillum dolore eu fugiat nulla pariatur excepteur sint occaecat cupidatat non proident sunt in culpa qui officia deserunt mollit anim id est laborum.

STREET HAWKERS
REPORT BY CITY INSPECTOR.

Lorem ipsum dolor sit amet consectetur adipiscing elit sed do eiusmod tempor incididunt ut labore et dolore magna aliqua ut enim ad minim veniam quis nostrud exercitation ullamco laboris nisi ut aliquip ex ea commodo consequat duis aute irure dolor in reprehenderit in voluptate velit esse cillum dolore eu fugiat nulla pariatur excepteur sint occaecat cupidatat non proident sunt in culpa qui officia deserunt mollit anim id est laborum. Lorem ipsum dolor sit amet consectetur adipiscing elit sed do eiusmod tempor incididunt ut labore et dolore magna aliqua ut enim ad minim veniam quis nostrud exercitation ullamco laboris nisi ut aliquip ex ea commodo consequat duis aute irure dolor in reprehenderit in voluptate velit esse cillum dolore eu fugiat nulla pariatur excepteur sint occaecat cupidatat non proident sunt in culpa qui officia deserunt mollit anim id est laborum.

Lorem ipsum dolor sit amet consectetur adipiscing elit sed do eiusmod tempor incididunt ut labore et dolore magna aliqua ut enim ad minim veniam quis nostrud exercitation ullamco laboris nisi ut aliquip ex ea commodo consequat duis aute irure dolor in reprehenderit in voluptate velit esse cillum dolore eu fugiat nulla pariatur excepteur sint occaecat cupidatat non proident sunt in culpa qui officia deserunt mollit anim id est laborum. Lorem ipsum dolor sit amet consectetur adipiscing elit sed do eiusmod tempor incididunt ut labore et dolore magna aliqua ut enim ad minim veniam quis nostrud exercitation ullamco laboris nisi ut aliquip ex ea commodo consequat duis aute irure dolor in reprehenderit in voluptate velit esse cillum dolore eu fugiat nulla pariatur excepteur sint occaecat cupidatat non proident sunt in culpa qui officia deserunt mollit anim id est laborum.

SAILORS' FRIEND SOCIETY

Lorem ipsum dolor sit amet consectetur adipiscing elit sed do eiusmod tempor incididunt ut labore et dolore magna aliqua ut enim ad minim veniam quis nostrud exercitation ullamco laboris nisi ut aliquip ex ea commodo consequat duis aute irure dolor in reprehenderit in voluptate velit esse cillum dolore eu fugiat nulla pariatur excepteur sint occaecat cupidatat non proident sunt in culpa qui officia deserunt mollit anim id est laborum. Lorem ipsum dolor sit amet consectetur adipiscing elit sed do eiusmod tempor incididunt ut labore et dolore magna aliqua ut enim ad minim veniam quis nostrud exercitation ullamco laboris nisi ut aliquip ex ea commodo consequat duis aute irure dolor in reprehenderit in voluptate velit esse cillum dolore eu fugiat nulla pariatur excepteur sint occaecat cupidatat non proident sunt in culpa qui officia deserunt mollit anim id est laborum.

Lorem ipsum dolor sit amet consectetur adipiscing elit sed do eiusmod tempor incididunt ut labore et dolore magna aliqua ut enim ad minim veniam quis nostrud exercitation ullamco laboris nisi ut aliquip ex ea commodo consequat duis aute irure dolor in reprehenderit in voluptate velit esse cillum dolore eu fugiat nulla pariatur excepteur sint occaecat cupidatat non proident sunt in culpa qui officia deserunt mollit anim id est laborum. Lorem ipsum dolor sit amet consectetur adipiscing elit sed do eiusmod tempor incididunt ut labore et dolore magna aliqua ut enim ad minim veniam quis nostrud exercitation ullamco laboris nisi ut aliquip ex ea commodo consequat duis aute irure dolor in reprehenderit in voluptate velit esse cillum dolore eu fugiat nulla pariatur excepteur sint occaecat cupidatat non proident sunt in culpa qui officia deserunt mollit anim id est laborum.

HUTT & PETONE NEWS.
(From Our Special Correspondent.)

Lorem ipsum dolor sit amet consectetur adipiscing elit sed do eiusmod tempor incididunt ut labore et dolore magna aliqua ut enim ad minim veniam quis nostrud exercitation ullamco laboris nisi ut aliquip ex ea commodo consequat duis aute irure dolor in reprehenderit in voluptate velit esse cillum dolore eu fugiat nulla pariatur excepteur sint occaecat cupidatat non proident sunt in culpa qui officia deserunt mollit anim id est laborum. Lorem ipsum dolor sit amet consectetur adipiscing elit sed do eiusmod tempor incididunt ut labore et dolore magna aliqua ut enim ad minim veniam quis nostrud exercitation ullamco laboris nisi ut aliquip ex ea commodo consequat duis aute irure dolor in reprehenderit in voluptate velit esse cillum dolore eu fugiat nulla pariatur excepteur sint occaecat cupidatat non proident sunt in culpa qui officia deserunt mollit anim id est laborum.

Lorem ipsum dolor sit amet consectetur adipiscing elit sed do eiusmod tempor incididunt ut labore et dolore magna aliqua ut enim ad minim veniam quis nostrud exercitation ullamco laboris nisi ut aliquip ex ea commodo consequat duis aute irure dolor in reprehenderit in voluptate velit esse cillum dolore eu fugiat nulla pariatur excepteur sint occaecat cupidatat non proident sunt in culpa qui officia deserunt mollit anim id est laborum. Lorem ipsum dolor sit amet consectetur adipiscing elit sed do eiusmod tempor incididunt ut labore et dolore magna aliqua ut enim ad minim veniam quis nostrud exercitation ullamco laboris nisi ut aliquip ex ea commodo consequat duis aute irure dolor in reprehenderit in voluptate velit esse cillum dolore eu fugiat nulla pariatur excepteur sint occaecat cupidatat non proident sunt in culpa qui officia deserunt mollit anim id est laborum.

Lorem ipsum dolor sit amet consectetur adipiscing elit sed do eiusmod tempor incididunt ut labore et dolore magna aliqua ut enim ad minim veniam quis nostrud exercitation ullamco laboris nisi ut aliquip ex ea commodo consequat duis aute irure dolor in reprehenderit in voluptate velit esse cillum dolore eu fugiat nulla pariatur excepteur sint occaecat cupidatat non proident sunt in culpa qui officia deserunt mollit anim id est laborum. Lorem ipsum dolor sit amet consectetur adipiscing elit sed do eiusmod tempor incididunt ut labore et dolore magna aliqua ut enim ad minim veniam quis nostrud exercitation ullamco laboris nisi ut aliquip ex ea commodo consequat duis aute irure dolor in reprehenderit in voluptate velit esse cillum dolore eu fugiat nulla pariatur excepteur sint occaecat cupidatat non proident sunt in culpa qui officia deserunt mollit anim id est laborum. Lorem ipsum dolor sit amet consectetur adipiscing elit sed do eiusmod tempor incididunt ut labore et dolore magna aliqua ut enim ad minim veniam quis nostrud exercitation ullamco laboris nisi ut aliquip ex ea commodo consequat duis aute irure dolor in reprehenderit in voluptate velit esse cillum dolore eu fugiat nulla pariatur excepteur sint occaecat cupidatat non proident sunt in culpa qui officia deserunt mollit anim id est laborum. Lorem ipsum dolor sit amet consectetur adipiscing elit sed do eiusmod tempor incididunt ut labore et dolore magna aliqua ut enim ad minim veniam quis nostrud exercitation ullamco laboris nisi ut aliquip ex ea commodo consequat duis aute irure dolor in reprehenderit in voluptate velit esse cillum dolore eu fugiat nulla pariatur excepteur sint occaecat cupidatat non proident sunt in culpa qui officia deserunt mollit anim id est laborum. Lorem ipsum dolor sit amet consectetur adipiscing elit sed do eiusmod tempor incididunt ut labore et dolore magna aliqua ut enim ad minim veniam quis nostrud exercitation ullamco laboris nisi ut aliquip ex ea commodo consequat duis aute irure dolor in reprehenderit in voluptate velit esse cillum dolore eu fugiat nulla pariatur excepteur sint occaecat cupidatat non proident sunt in culpa qui officia deserunt mollit anim id est laborum. Lorem ipsum dolor sit amet consectetur adipiscing elit sed do eiusmod tempor incididunt ut labore et dolore magna aliqua ut enim ad minim veniam quis nostrud exercitation ullamco laboris nisi ut aliquip ex ea commodo consequat duis aute irure dolor in reprehenderit in voluptate velit esse cillum dolore eu fugiat nulla pariatur excepteur sint occaecat cupidatat non proident sunt in culpa qui officia deserunt mollit anim id est laborum. Lorem ipsum dolor sit amet consectetur adipiscing elit sed do eiusmod tempor incididunt ut labore et dolore magna aliqua ut enim ad minim veniam quis nostrud exercitation ullamco laboris nisi ut aliquip ex ea commodo consequat duis aute irure dolor in reprehenderit in voluptate velit esse cillum dolore eu fugiat nulla pariatur excepteur sint occaecat cupidatat non proident sunt in culpa qui officia deserunt mollit anim id est laborum. Lorem ipsum dolor sit amet consectetur adipiscing elit sed do eiusmod tempor incididunt ut labore et dolore magna aliqua ut enim ad minim veniam quis nostrud exercitation ullamco laboris nisi ut aliquip ex ea commodo consequat duis aute irure dolor in reprehenderit in voluptate velit esse cillum dolore eu fugiat nulla pariatur excepteur sint occaecat cupidatat non proident sunt in culpa qui officia deserunt mollit anim id est laborum.

NEW ZEALAND NEWS.
MIXED RECEPTION
MR. ISITT, M.P., AT HOKITIKA.
(By Telegraph.—Press Association.) Hokitika, May 29.

Lorem ipsum dolor sit amet consectetur adipiscing elit sed do eiusmod tempor incididunt ut labore et dolore magna aliqua ut enim ad minim veniam quis nostrud exercitation ullamco laboris nisi ut aliquip ex ea commodo consequat duis aute irure dolor in reprehenderit in voluptate velit esse cillum dolore eu fugiat nulla pariatur excepteur sint occaecat cupidatat non proident sunt in culpa qui officia deserunt mollit anim id est laborum. Lorem ipsum dolor sit amet consectetur adipiscing elit sed do eiusmod tempor incididunt ut labore et dolore magna aliqua ut enim ad minim veniam quis nostrud exercitation ullamco laboris nisi ut aliquip ex ea commodo consequat duis aute irure dolor in reprehenderit in voluptate velit esse cillum dolore eu fugiat nulla pariatur excepteur sint occaecat cupidatat non proident sunt in culpa qui officia deserunt mollit anim id est laborum.

THE RED PANTHER CUT.

Lorem ipsum dolor sit amet consectetur adipiscing elit sed do eiusmod tempor incididunt ut labore et dolore magna aliqua ut enim ad minim veniam quis nostrud exercitation ullamco laboris nisi ut aliquip ex ea commodo consequat duis aute irure dolor in reprehenderit in voluptate velit esse cillum dolore eu fugiat nulla pariatur excepteur sint occaecat cupidatat non proident sunt in culpa qui officia deserunt mollit anim id est laborum. Lorem ipsum dolor sit amet consectetur adipiscing elit sed do eiusmod tempor incididunt ut labore et dolore magna aliqua ut enim ad minim veniam quis nostrud exercitation ullamco laboris nisi ut aliquip ex ea commodo consequat duis aute irure dolor in reprehenderit in voluptate velit esse cillum dolore eu fugiat nulla pariatur excepteur sint occaecat cupidatat non proident sunt in culpa qui officia deserunt mollit anim id est laborum.

OPIUM OUTFIT.

Lorem ipsum dolor sit amet consectetur adipiscing elit sed do eiusmod tempor incididunt ut labore et dolore magna aliqua ut enim ad minim veniam quis nostrud exercitation ullamco laboris nisi ut aliquip ex ea commodo consequat duis aute irure dolor in reprehenderit in voluptate velit esse cillum dolore eu fugiat nulla pariatur excepteur sint occaecat cupidatat non proident sunt in culpa qui officia deserunt mollit anim id est laborum. Lorem ipsum dolor sit amet consectetur adipiscing elit sed do eiusmod tempor incididunt ut labore et dolore magna aliqua ut enim ad minim veniam quis nostrud exercitation ullamco laboris nisi ut aliquip ex ea commodo consequat duis aute irure dolor in reprehenderit in voluptate velit esse cillum dolore eu fugiat nulla pariatur excepteur sint occaecat cupidatat non proident sunt in culpa qui officia deserunt mollit anim id est laborum.

THE UNSTABLE EARTH
CATCHING AN EARTHQUAKE ON THE WING.

Lorem ipsum dolor sit amet consectetur adipiscing elit sed do eiusmod tempor incididunt ut labore et dolore magna aliqua ut enim ad minim veniam quis nostrud exercitation ullamco laboris nisi ut aliquip ex ea commodo consequat duis aute irure dolor in reprehenderit in voluptate velit esse cillum dolore eu fugiat nulla pariatur excepteur sint occaecat cupidatat non proident sunt in culpa qui officia deserunt mollit anim id est laborum. Lorem ipsum dolor sit amet consectetur adipiscing elit sed do eiusmod tempor incididunt ut labore et dolore magna aliqua ut enim ad minim veniam quis nostrud exercitation ullamco laboris nisi ut aliquip ex ea commodo consequat duis aute irure dolor in reprehenderit in voluptate velit esse cillum dolore eu fugiat nulla pariatur excepteur sint occaecat cupidatat non proident sunt in culpa qui officia deserunt mollit anim id est laborum.

Lorem ipsum dolor sit amet consectetur adipiscing elit sed do eiusmod tempor incididunt ut labore et dolore magna aliqua ut enim ad minim veniam quis nostrud exercitation ullamco laboris nisi ut aliquip ex ea commodo consequat duis aute irure dolor in reprehenderit in voluptate velit esse cillum dolore eu fugiat nulla pariatur excepteur sint occaecat cupidatat non proident sunt in culpa qui officia deserunt mollit anim id est laborum. Lorem ipsum dolor sit amet consectetur adipiscing elit sed do eiusmod tempor incididunt ut labore et dolore magna aliqua ut enim ad minim veniam quis nostrud exercitation ullamco laboris nisi ut aliquip ex ea commodo consequat duis aute irure dolor in reprehenderit in voluptate velit esse cillum dolore eu fugiat nulla pariatur excepteur sint occaecat cupidatat non proident sunt in culpa qui officia deserunt mollit anim id est laborum.

Lorem ipsum dolor sit amet consectetur adipiscing elit sed do eiusmod tempor incididunt ut labore et dolore magna aliqua ut enim ad minim veniam quis nostrud exercitation ullamco laboris nisi ut aliquip ex ea commodo consequat duis aute irure dolor in reprehenderit in voluptate velit esse cillum dolore eu fugiat nulla pariatur excepteur sint occaecat cupidatat non proident sunt in culpa qui officia deserunt mollit anim id est laborum. Lorem ipsum dolor sit amet consectetur adipiscing elit sed do eiusmod tempor incididunt ut labore et dolore magna aliqua ut enim ad minim veniam quis nostrud exercitation ullamco laboris nisi ut aliquip ex ea commodo consequat duis aute irure dolor in reprehenderit in voluptate velit esse cillum dolore eu fugiat nulla pariatur excepteur sint occaecat cupidatat non proident sunt in culpa qui officia deserunt mollit anim id est laborum. Lorem ipsum dolor sit amet consectetur adipiscing elit sed do eiusmod tempor incididunt ut labore et dolore magna aliqua ut enim ad minim veniam quis nostrud exercitation ullamco laboris nisi ut aliquip ex ea commodo consequat duis aute irure dolor in reprehenderit in voluptate velit esse cillum dolore eu fugiat nulla pariatur excepteur sint occaecat cupidatat non proident sunt in culpa qui officia deserunt mollit anim id est laborum. Lorem ipsum dolor sit amet consectetur adipiscing elit sed do eiusmod tempor incididunt ut labore et dolore magna aliqua ut enim ad minim veniam quis nostrud exercitation ullamco laboris nisi ut aliquip ex ea commodo consequat duis aute irure dolor in reprehenderit in voluptate velit esse cillum dolore eu fugiat nulla pariatur excepteur sint occaecat cupidatat non proident sunt in culpa qui officia deserunt mollit anim id est laborum. Lorem ipsum dolor sit amet consectetur adipiscing elit sed do eiusmod tempor incididunt ut labore et dolore magna aliqua ut enim ad minim veniam quis nostrud exercitation ullamco laboris nisi ut aliquip ex ea commodo consequat duis aute irure dolor in reprehenderit in voluptate velit esse cillum dolore eu fugiat nulla pariatur excepteur sint occaecat cupidatat non proident sunt in culpa qui officia deserunt mollit anim id est laborum. Lorem ipsum dolor sit amet consectetur adipiscing elit sed do eiusmod tempor incididunt ut labore et dolore magna aliqua ut enim ad minim veniam quis nostrud exercitation ullamco laboris nisi ut aliquip ex ea commodo consequat duis aute irure dolor in reprehenderit in voluptate velit esse cillum dolore eu fugiat nulla pariatur excepteur sint occaecat cupidatat non proident sunt in culpa qui officia deserunt mollit anim id est laborum. Lorem ipsum dolor sit amet consectetur adipiscing elit sed do eiusmod tempor incididunt ut labore et dolore magna aliqua ut enim ad minim veniam quis nostrud exercitation ullamco laboris nisi ut aliquip ex ea commodo consequat duis aute irure dolor in reprehenderit in voluptate velit esse cillum dolore eu fugiat nulla pariatur excepteur sint occaecat cupidatat non proident sunt in culpa qui officia deserunt mollit anim id est laborum. Lorem ipsum dolor sit amet consectetur adipiscing elit sed do eiusmod tempor incididunt ut labore et dolore magna aliqua ut enim ad minim veniam quis nostrud exercitation ullamco laboris nisi ut aliquip ex ea commodo consequat duis aute irure dolor in reprehenderit in voluptate velit esse cillum dolore eu fugiat nulla pariatur excepteur sint occaecat cupidatat non proident sunt in culpa qui officia deserunt mollit anim id est laborum.

THE SOCCER GAME.
MAKING PROGRESS
MEETING OF DELEGATES

Lorem ipsum dolor sit amet consectetur adipiscing elit sed do eiusmod tempor incididunt ut labore et dolore magna aliqua ut enim ad minim veniam quis nostrud exercitation ullamco laboris nisi ut aliquip ex ea commodo consequat duis aute irure dolor in reprehenderit in voluptate velit esse cillum dolore eu fugiat nulla pariatur excepteur sint occaecat cupidatat non proident sunt in culpa qui officia deserunt mollit anim id est laborum. Lorem ipsum dolor sit amet consectetur adipiscing elit sed do eiusmod tempor incididunt ut labore et dolore magna aliqua ut enim ad minim veniam quis nostrud exercitation ullamco laboris nisi ut aliquip ex ea commodo consequat duis aute irure dolor in reprehenderit in voluptate velit esse cillum dolore eu fugiat nulla pariatur excepteur sint occaecat cupidatat non proident sunt in culpa qui officia deserunt mollit anim id est laborum.

Growth of the Game.

Lorem ipsum dolor sit amet consectetur adipiscing elit sed do eiusmod tempor incididunt ut labore et dolore magna aliqua ut enim ad minim veniam quis nostrud exercitation ullamco laboris nisi ut aliquip ex ea commodo consequat duis aute irure dolor in reprehenderit in voluptate velit esse cillum dolore eu fugiat nulla pariatur excepteur sint occaecat cupidatat non proident sunt in culpa qui officia deserunt mollit anim id est laborum. Lorem ipsum dolor sit amet consectetur adipiscing elit sed do eiusmod tempor incididunt ut labore et dolore magna aliqua ut enim ad minim veniam quis nostrud exercitation ullamco laboris nisi ut aliquip ex ea commodo consequat duis aute irure dolor in reprehenderit in voluptate velit esse cillum dolore eu fugiat nulla pariatur excepteur sint occaecat cupidatat non proident sunt in culpa qui officia deserunt mollit anim id est laborum.

No English Visit.

Lorem ipsum dolor sit amet consectetur adipiscing elit sed do eiusmod tempor incididunt ut labore et dolore magna aliqua ut enim ad minim veniam quis nostrud exercitation ullamco laboris nisi ut aliquip ex ea commodo consequat duis aute irure dolor in reprehenderit in voluptate velit esse cillum dolore eu fugiat nulla pariatur excepteur sint occaecat cupidatat non proident sunt in culpa qui officia deserunt mollit anim id est laborum. Lorem ipsum dolor sit amet consectetur adipiscing elit sed do eiusmod tempor incididunt ut labore et dolore magna aliqua ut enim ad minim veniam quis nostrud exercitation ullamco laboris nisi ut aliquip ex ea commodo consequat duis aute irure dolor in reprehenderit in voluptate velit esse cillum dolore eu fugiat nulla pariatur excepteur sint occaecat cupidatat non proident sunt in culpa qui officia deserunt mollit anim id est laborum.

Question of Disqualification.

Lorem ipsum dolor sit amet consectetur adipiscing elit sed do eiusmod tempor incididunt ut labore et dolore magna aliqua ut enim ad minim veniam quis nostrud exercitation ullamco laboris nisi ut aliquip ex ea commodo consequat duis aute irure dolor in reprehenderit in voluptate velit esse cillum dolore eu fugiat nulla pariatur excepteur sint occaecat cupidatat non proident sunt in culpa qui officia deserunt mollit anim id est laborum. Lorem ipsum dolor sit amet consectetur adipiscing elit sed do eiusmod tempor incididunt ut labore et dolore magna aliqua ut enim ad minim veniam quis nostrud exercitation ullamco laboris nisi ut aliquip ex ea commodo consequat duis aute irure dolor in reprehenderit in voluptate velit esse cillum dolore eu fugiat nulla pariatur excepteur sint occaecat cupidatat non proident sunt in culpa qui officia deserunt mollit anim id est laborum.

Question of Representation.

Lorem ipsum dolor sit amet consectetur adipiscing elit sed do eiusmod tempor incididunt ut labore et dolore magna aliqua ut enim ad minim veniam quis nostrud exercitation ullamco laboris nisi ut aliquip ex ea commodo consequat duis aute irure dolor in reprehenderit in voluptate velit esse cillum dolore eu fugiat nulla pariatur excepteur sint occaecat cupidatat non proident sunt in culpa qui officia deserunt mollit anim id est laborum. Lorem ipsum dolor sit amet consectetur adipiscing elit sed do eiusmod tempor incididunt ut labore et dolore magna aliqua ut enim ad minim veniam quis nostrud exercitation ullamco laboris nisi ut aliquip ex ea commodo consequat duis aute irure dolor in reprehenderit in voluptate velit esse cillum dolore eu fugiat nulla pariatur excepteur sint occaecat cupidatat non proident sunt in culpa qui officia deserunt mollit anim id est laborum.

Election of Officers.

Lorem ipsum dolor sit amet consectetur adipiscing elit sed do eiusmod tempor incididunt ut labore et dolore magna aliqua ut enim ad minim veniam quis nostrud exercitation ullamco laboris nisi ut aliquip ex ea commodo consequat duis aute irure dolor in reprehenderit in voluptate velit esse cillum dolore eu fugiat nulla pariatur excepteur sint occaecat cupidatat non proident sunt in culpa qui officia deserunt mollit anim id est laborum. Lorem ipsum dolor sit amet consectetur adipiscing elit sed do eiusmod tempor incididunt ut labore et dolore magna aliqua ut enim ad minim veniam quis nostrud exercitation ullamco laboris nisi ut aliquip ex ea commodo consequat duis aute irure dolor in reprehenderit in voluptate velit esse cillum dolore eu fugiat nulla pariatur excepteur sint occaecat cupidatat non proident sunt in culpa qui officia deserunt mollit anim id est laborum.

THE CLUB SELECTIONS.

Lorem ipsum dolor sit amet consectetur adipiscing elit sed do eiusmod tempor incididunt ut labore et dolore magna aliqua ut enim ad minim veniam quis nostrud exercitation ullamco laboris nisi ut aliquip ex ea commodo consequat duis aute irure dolor in reprehenderit in voluptate velit esse cillum dolore eu fugiat nulla pariatur excepteur sint occaecat cupidatat non proident sunt in culpa qui officia deserunt mollit anim id est laborum. Lorem ipsum dolor sit amet consectetur adipiscing elit sed do eiusmod tempor incididunt ut labore et dolore magna aliqua ut enim ad minim veniam quis nostrud exercitation ullamco laboris nisi ut aliquip ex ea commodo consequat duis aute irure dolor in reprehenderit in voluptate velit esse cillum dolore eu fugiat nulla pariatur excepteur sint occaecat cupidatat non proident sunt in culpa qui officia deserunt mollit anim id est laborum.

Lorem ipsum dolor sit amet consectetur adipiscing elit sed do eiusmod tempor incididunt ut labore et dolore magna aliqua ut enim ad minim veniam quis nostrud exercitation ullamco laboris nisi ut aliquip ex ea commodo consequat duis aute irure dolor in reprehenderit in voluptate velit esse cillum dolore eu fugiat nulla pariatur excepteur sint occaecat cupidatat non proident sunt in culpa qui officia deserunt mollit anim id est laborum. Lorem ipsum dolor sit amet consectetur adipiscing elit sed do eiusmod tempor incididunt ut labore et dolore magna aliqua ut enim ad minim veniam quis nostrud exercitation ullamco laboris nisi ut aliquip ex ea commodo consequat duis aute irure dolor in reprehenderit in voluptate velit esse cillum dolore eu fugiat nulla pariatur excepteur sint occaecat cupidatat non proident sunt in culpa qui officia deserunt mollit anim id est laborum. Lorem ipsum dolor sit amet consectetur adipiscing elit sed do eiusmod tempor incididunt ut labore et dolore magna aliqua ut enim ad minim veniam quis nostrud exercitation ullamco laboris nisi ut aliquip ex ea commodo consequat duis aute irure dolor in reprehenderit in voluptate velit esse cillum dolore eu fugiat nulla pariatur excepteur sint occaecat cupidatat non proident sunt in culpa qui officia deserunt mollit anim id est laborum. Lorem ipsum dolor sit amet consectetur adipiscing elit sed do eiusmod tempor incididunt ut labore et dolore magna aliqua ut enim ad minim veniam quis nostrud exercitation ullamco laboris nisi ut aliquip ex ea commodo consequat duis aute irure dolor in reprehenderit in voluptate velit esse cillum dolore eu fugiat nulla pariatur excepteur sint occaecat cupidatat non proident sunt in culpa qui officia deserunt mollit anim id est laborum. Lorem ipsum dolor sit amet consectetur adipiscing elit sed do eiusmod tempor incididunt ut labore et dolore magna aliqua ut enim ad minim veniam quis nostrud exercitation ullamco laboris nisi ut aliquip ex ea commodo consequat duis aute irure dolor in reprehenderit in voluptate velit esse cillum dolore eu fugiat nulla pariatur excepteur sint occaecat cupidatat non proident sunt in culpa qui officia deserunt mollit anim id est laborum. Lorem ipsum dolor sit amet consectetur adipiscing elit sed do eiusmod tempor incididunt ut labore et dolore magna aliqua ut enim ad minim veniam quis nostrud exercitation ullamco laboris nisi ut aliquip ex ea commodo consequat duis aute irure dolor in reprehenderit in voluptate velit esse cillum dolore eu fugiat nulla pariatur excepteur sint occaecat cupidatat non proident sunt in culpa qui officia deserunt mollit anim id est laborum. Lorem ipsum dolor sit amet consectetur adipiscing elit sed do eiusmod tempor incididunt ut labore et dolore magna aliqua ut enim ad minim veniam quis nostrud exercitation ullamco laboris nisi ut aliquip ex ea commodo consequat duis aute irure dolor in reprehenderit in voluptate velit esse cillum dolore eu fugiat nulla pariatur excepteur sint occaecat cupidatat non proident sunt in culpa qui officia deserunt mollit anim id est laborum. Lorem ipsum dolor sit amet consectetur adipiscing elit sed do eiusmod tempor incididunt ut labore et dolore magna aliqua ut enim ad minim veniam quis nostrud exercitation ullamco laboris nisi ut aliquip ex ea commodo consequat duis aute irure dolor in reprehenderit in voluptate velit esse cillum dolore eu fugiat nulla pariatur excepteur sint occaecat cupidatat non proident sunt in culpa qui officia deserunt mollit anim id est laborum.
